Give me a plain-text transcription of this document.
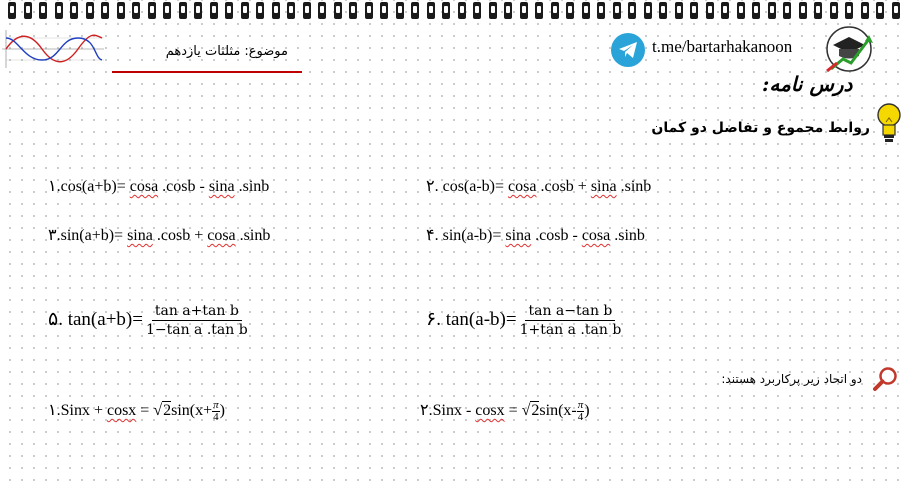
موضوع: مثلثات یازدهم	t.me/bartarhakanoon
درس نامه:
روابط مجموع و تفاضل دو کمان
۱.cos(a+b)= cosa .cosb - sina .sinb	۲. cos(a-b)= cosa .cosb + sina .sinb
۳.sin(a+b)= sina .cosb + cosa .sinb	۴. sin(a-b)= sina .cosb - cosa .sinb
۵. $\tan(a+b)= \frac{\text{tan a+tan b}}{\text{1−tan a .tan b}}$	۶. $\tan(a-b)= \frac{\text{tan a−tan b}}{\text{1+tan a .tan b}}$
دو اتحاد زیر پرکاربرد هستند:
۱.Sinx + $\cos x = √2\sin(x+ \frac{\pi}{4}$ )	۲.Sinx - $\cos x = √2\sin(x- \frac{\pi}{4}$ )
